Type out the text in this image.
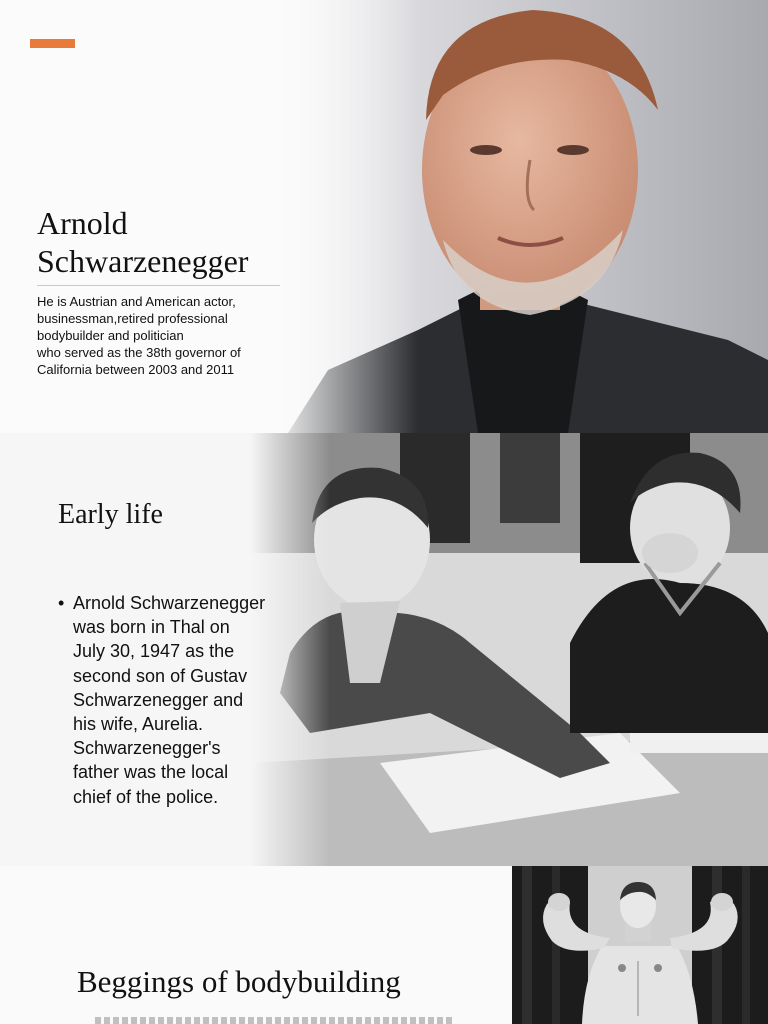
Arnold
Schwarzenegger
He is Austrian and American actor,
businessman,retired professional
bodybuilder and politician
who served as the 38th governor of
California between 2003 and 2011
Early life
• Arnold Schwarzenegger
was born in Thal on
July 30, 1947 as the
second son of Gustav
Schwarzenegger and
his wife, Aurelia.
Schwarzenegger's
father was the local
chief of the police.
Beggings of bodybuilding
